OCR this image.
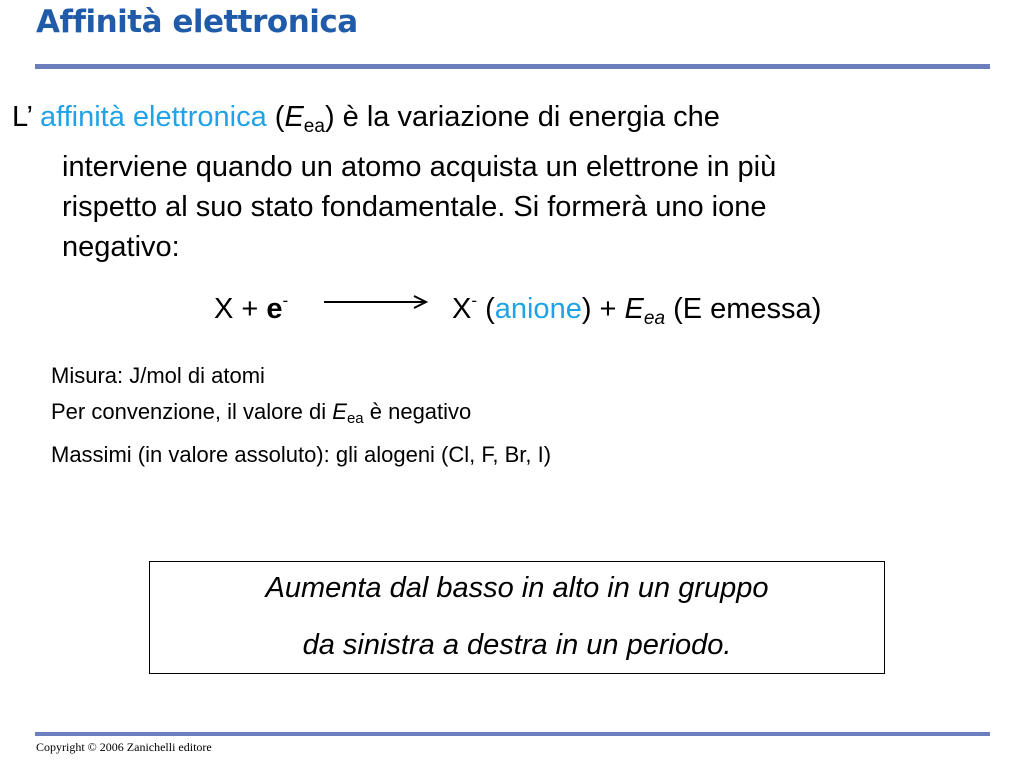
Affinità elettronica
L’ affinità elettronica $(E_{ea})$ è la variazione di energia che
interviene quando un atomo acquista un elettrone in più
rispetto al suo stato fondamentale. Si formerà uno ione
negativo:
X + e- → X- (anione) + $E_{ea}$ (E emessa)
Misura: J/mol di atomi
Per convenzione, il valore di $E_{ea}$ è negativo
Massimi (in valore assoluto): gli alogeni (Cl, F, Br, I)
Aumenta dal basso in alto in un gruppo
da sinistra a destra in un periodo.
Copyright © 2006 Zanichelli editore
